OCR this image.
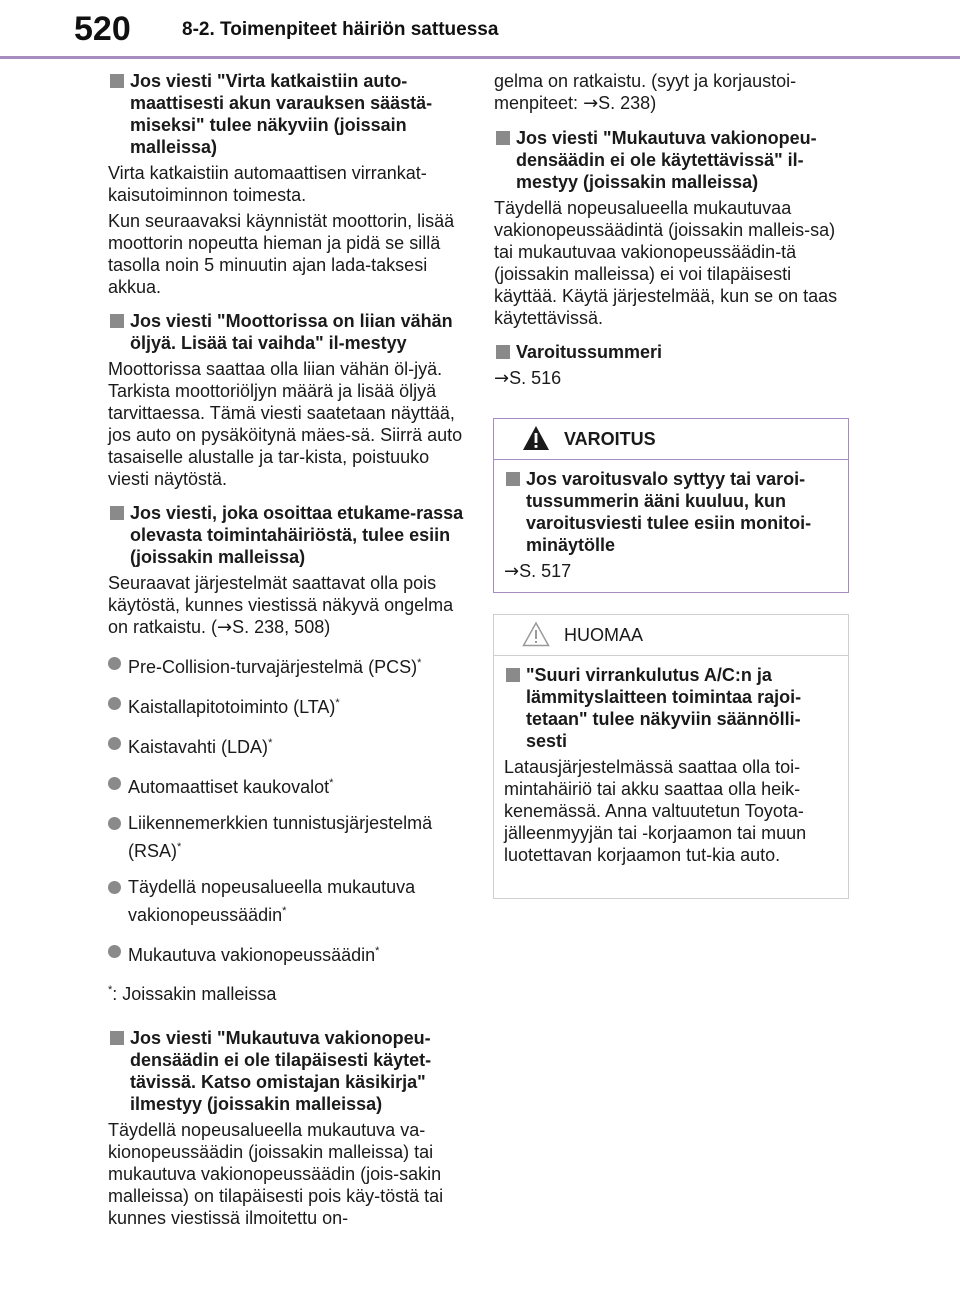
520	8-2. Toimenpiteet häiriön sattuessa
Jos viesti "Virta katkaistiin auto-maattisesti akun varauksen säästä-miseksi" tulee näkyviin (joissain malleissa)
Virta katkaistiin automaattisen virrankat-kaisutoiminnon toimesta.
Kun seuraavaksi käynnistät moottorin, lisää moottorin nopeutta hieman ja pidä se sillä tasolla noin 5 minuutin ajan lada-taksesi akkua.
Jos viesti "Moottorissa on liian vähän öljyä. Lisää tai vaihda" il-mestyy
Moottorissa saattaa olla liian vähän öl-jyä. Tarkista moottoriöljyn määrä ja lisää öljyä tarvittaessa. Tämä viesti saatetaan näyttää, jos auto on pysäköitynä mäes-sä. Siirrä auto tasaiselle alustalle ja tar-kista, poistuuko viesti näytöstä.
Jos viesti, joka osoittaa etukame-rassa olevasta toimintahäiriöstä, tulee esiin (joissakin malleissa)
Seuraavat järjestelmät saattavat olla pois käytöstä, kunnes viestissä näkyvä ongelma on ratkaistu. (→S. 238, 508)
Pre-Collision-turvajärjestelmä (PCS)*
Kaistallapitotoiminto (LTA)*
Kaistavahti (LDA)*
Automaattiset kaukovalot*
Liikennemerkkien tunnistusjärjestelmä (RSA)*
Täydellä nopeusalueella mukautuva vakionopeussäädin*
Mukautuva vakionopeussäädin*
*: Joissakin malleissa
Jos viesti "Mukautuva vakionopeu-densäädin ei ole tilapäisesti käytet-tävissä. Katso omistajan käsikirja" ilmestyy (joissakin malleissa)
Täydellä nopeusalueella mukautuva va-kionopeussäädin (joissakin malleissa) tai mukautuva vakionopeussäädin (jois-sakin malleissa) on tilapäisesti pois käy-töstä tai kunnes viestissä ilmoitettu on-
gelma on ratkaistu. (syyt ja korjaustoi-menpiteet: →S. 238)
Jos viesti "Mukautuva vakionopeu-densäädin ei ole käytettävissä" il-mestyy (joissakin malleissa)
Täydellä nopeusalueella mukautuvaa vakionopeussäädintä (joissakin malleis-sa) tai mukautuvaa vakionopeussäädin-tä (joissakin malleissa) ei voi tilapäisesti käyttää. Käytä järjestelmää, kun se on taas käytettävissä.
Varoitussummeri
→S. 516
VAROITUS
Jos varoitusvalo syttyy tai varoi-tussummerin ääni kuuluu, kun varoitusviesti tulee esiin monitoi-minäytölle
→S. 517
HUOMAA
"Suuri virrankulutus A/C:n ja lämmityslaitteen toimintaa rajoi-tetaan" tulee näkyviin säännölli-sesti
Latausjärjestelmässä saattaa olla toi-mintahäiriö tai akku saattaa olla heik-kenemässä. Anna valtuutetun Toyota-jälleenmyyjän tai -korjaamon tai muun luotettavan korjaamon tut-kia auto.
